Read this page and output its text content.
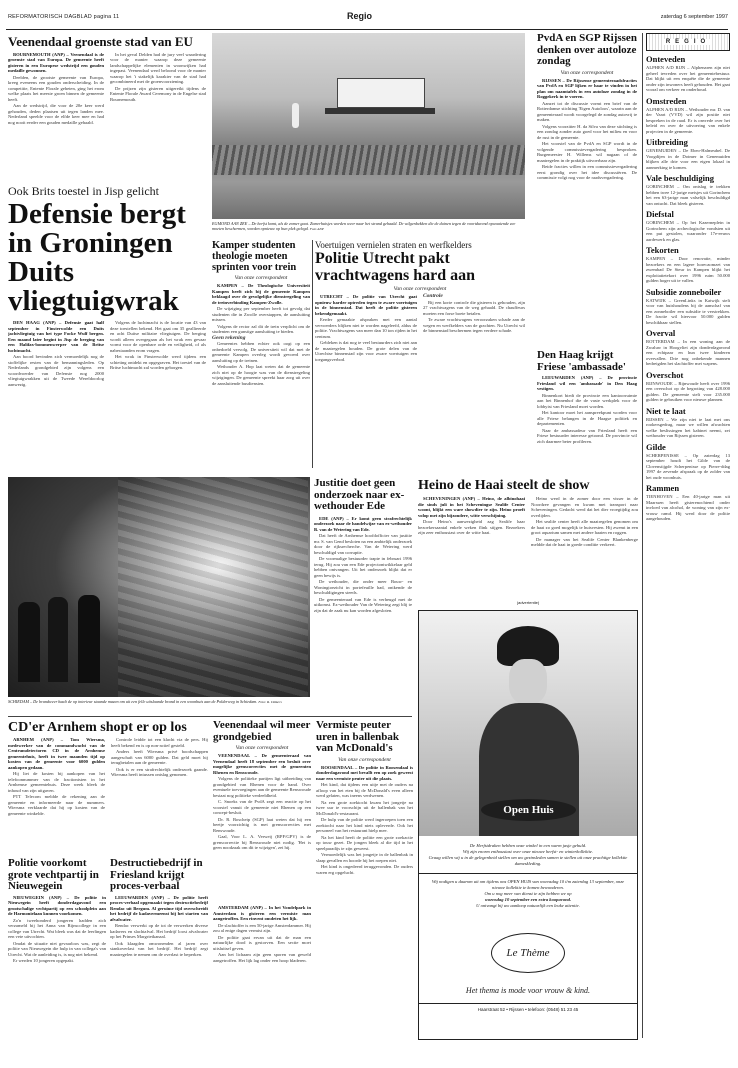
REFORMATORISCH DAGBLAD pagina 11	Regio	zaterdag 6 september 1997
Veenendaal groenste stad van EU

BOURNEMOUTH (ANP) – Veenendaal is de groenste stad van Europa. De gemeente heeft gisteren in een Europese wedstrijd een gouden medaille gewonnen.

Deelden, de grootste gemeente van Europa, kreeg eveneens een gouden onderscheiding. In de competitie, Entente Florale geheten, ging het erom welke plaats het meeste groen binnen de gemeente heeft.

Aan de wedstrijd, die voor de 20e keer werd gehouden, deden plaatsen uit tegen landen mee. Nederland speelde voor de elfde keer mee en had nog nooit eerder een gouden medaille gehaald.

In het geval Delden had de jury veel waardering voor de manier waarop deze gemeente landschappelijke elementen in woonwijken had ingepast. Veenendaal werd beloond voor de manier waarop het 't stakelijk karakter van de stad had gecombineerd met de groenvoorziening.

De prijzen zijn gisteren uitgereikt tijdens de Entente Florale Award Ceremony in de Engelse stad Bournemouth.

EGMOND AAN ZEE – De herfst komt, als de zomer gaat. Zomerhuisjes worden weer naar het strand gehaald. De wilgenbekken die de duinen tegen de voortdurend opwaaiende zee moeten beschermen, worden opnieuw op hun plek gelegd. Foto ANP
Ook Brits toestel in Jisp gelicht
Defensie bergt in Groningen Duits vliegtuigwrak

DEN HAAG (ANP) – Defensie gaat half september in Finsterwolde een Duits jachtvliegtuig van het type Focke Wulf bergen. Een maand later begint in Jisp de berging van een Halifax-bommenwerper van de Britse luchtmacht.

Aan boord bevinden zich vermoedelijk nog de stoffelijke resten van de bemanningsleden. Op Nederlands grondgebied zijn volgens een woordvoerder van Defensie nog 2000 vliegtuigwrakken uit de Tweede Wereldoorlog aanwezig.

Volgens de luchtmacht is de locatie van 43 van deze toestellen bekend. Het gaat om 35 geallieerde en acht Duitse militaire vliegtuigen. De berging wordt alleen overgegaan als het wrak een gevaar vormt voor de openbare orde en veiligheid, of als nabestaanden erom vragen.

Het wrak in Finsterwolde werd tijdens een schieting ontdekt en opgegraven. Het toestel van de Britse luchtmacht zal worden geborgen.

Kamper studenten theologie moeten sprinten voor trein
Van onze correspondent

KAMPEN – De Theologische Universiteit Kampen heeft zich bij de gemeente Kampen beklaagd over de gevolgelijke dienstregeling van de treinverbinding Kampen-Zwolle.

De wijziging per september heeft tot gevolg dat studenten die in Zwolle overstappen, de aansluiting missen.

Volgens de rector zal dit de trein verplicht om de studenten een gunstige aansluiting te bieden.

Geen rekening

Gemeentes hebben echter ook oogt op een onbedoeld vervolg. De universiteit wil dat met de gemeente Kampen overleg wordt gevoerd over aansluiting op de treinen.

Wethouder A. Hop laat weten dat de gemeente zich niet op de hoogte was van de dienstregeling wijzigingen. De gemeente spreekt haar zorg uit over de aansluitende busdiensten.

Voertuigen vernielen straten en werfkelders
Politie Utrecht pakt vrachtwagens hard aan
Van onze correspondent

UTRECHT – De politie van Utrecht gaat opnieuw harder optreden tegen te zware voertuigen in de binnenstad. Dat heeft de politie gisteren bekendgemaakt.

Eerder gemaakte afspraken met een aantal vervoerders blijken niet te worden nageleefd, aldus de politie. Vrachtwagens van meer dan 10 ton rijden in het centrum.

Gebleken is dat nog te veel bestuurders zich niet aan de maatregelen houden. De grote delen van de Utrechtse binnenstad zijn voor zware voertuigen een toegangsverbod.

Controle

Bij een korte controle die gisteren is gehouden, zijn 27 vrachtwagens van de weg gehaald. De chauffeurs moeten een forse boete betalen.

Te zware vrachtwagens veroorzaken schade aan de wegen en werfkelders van de grachten. Nu Utrecht wil de binnenstad beschermen tegen verdere schade.

PvdA en SGP Rijssen denken over autoloze zondag
Van onze correspondent

RIJSSEN – De Rijssense gemeenteraadsfracties van PvdA en SGP lijken er haar te vinden in het plan om naamtafels in een autoloze zondag in de Roggekerk in te voeren.

Aanzet tot de discussie vormt een brief van de Rotterdamse stichting 'Eigen Autoloos', waarin aan de gemeenteraad wordt voorgelegd de zondag autovrij te maken.

Volgens voorzitter H. da Silva van deze stichting is een zondag zonder auto goed voor het milieu en voor de rust in de gemeente.

Het voorstel van de PvdA en SGP wordt in de volgende commissievergadering besproken. Burgemeester H. Willems wil nagaan of de maatregelen in de praktijk uitvoerbaar zijn.

Beide fracties willen in een commissievergadering eerst grondig over het idee discussiëren. De commissie volgt nog voor de raadsvergadering.

Den Haag krijgt Friese 'ambassade'

LEEUWARDEN (ANP) – De provincie Friesland wil een 'ambassade' in Den Haag vestigen.

Binnenkort biedt de provincie een kantoorruimte aan het Binnenhof die de vaste werkplek voor de lobbyist van Friesland moet worden.

Het kantoor moet het aanspreekpunt worden voor alle Friese belangen in de Haagse politiek en departementen.

Naar de ambassadeur van Friesland heeft een Friese bestuurder interesse getoond. De provincie wil zich daarmee beter profileren.

SCHIEDAM – De brandweer haalt de op interieur staande mazen om uit een felle uitslaande brand in een woonhuis aan de Polderweg in Schiedam. Foto: R. Dikkers
Justitie doet geen onderzoek naar ex-wethouder Ede

EDE (ANP) – Er komt geen strafrechtelijk onderzoek naar de handelwijze van ex-wethouder B. van de Wetering van Ede.

Dat heeft de Arnhemse hoofdofficier van justitie mr. S. van Gend besloten na een ambtelijk onderzoek door de rijksrecherche. Van de Wetering werd beschuldigd van corruptie.

De voormalige bestuurder trapte in februari 1996 terug. Hij zou van een Ede projectontwikkelaar geld hebben ontvangen. Uit het onderzoek blijkt dat er geen bewijs is.

De wethouder, die onder meer Bouw- en Woningtoezicht in portefeuille had, ontkende de beschuldigingen steeds.

De gemeenteraad van Ede is verheugd met de uitkomst. Ex-wethouder Van de Wetering zegt blij te zijn dat de zaak nu kan worden afgesloten.

Heino de Haai steelt de show

SCHEVENINGEN (ANP) – Heino, de albinohaai die sinds juli in het Scheveningse Sealife Center woont, blijkt een ware showdier te zijn. Heino proeft volop met zijn bijzondere, witte verschijning.

Door Heino's aanwezigheid zag Sealife haar bezoekersaantal enkele weken flink stijgen. Bezoekers zijn zeer enthousiast over de witte haai.

Heino werd in de zomer door een visser in de Noordzee gevangen en kwam met transport naar Scheveningen. Gedacht werd dat het dier vroegtijdig zou overlijden.

Het sealife center heeft alle maatregelen genomen om de haai zo goed mogelijk te huisvesten. Hij zwemt in een groot aquarium samen met andere haaien en roggen.

De manager van het Sealife Center Blankenberge meldde dat de haai in goede conditie verkeert.

(advertentie)
Open Huis
De Herfstdraken hebben onze winkel in een warm jasje gehuld.
Wij zijn enorm enthousiast over onze nieuwe herfst- en winterkollektie.
Graag willen wij u in de gelegenheid stellen om uw gezinsleden samen te stellen uit onze prachtige kollektie dameskleding.
Wij nodigen u daarom uit om tijdens ons OPEN HUIS van woensdag 10 t/m zaterdag 13 september, onze nieuwe kollektie te komen bewonderen.
Om u nog meer van dienst te zijn hebben we op
woensdag 10 september een extra koopavond.
U ontvangt bij uw aankoop natuurlijk een leuke attentie.
Le Thème
Het thema is mode voor vrouw & kind.
Haarstraat 52 • Rijssen • telefoon: (0548) 51 23 45
CD'er Arnhem shopt er op los

ARNHEM (ANP) – Tom Wiersma, medewerker van de commandwacht van de Centrumdetectoren CD in de Arnhemse gemeentehuis, heeft in twee maanden tijd op kosten van de gemeente voor 6000 gulden aankopen gedaan.

Hij liet de kosten bij aankopen van het telefoonnummer van de fractionisten in het Arnhemse gemeentehuis. Deze week bleek de inhoud van zijn uitgaven.

PTT Telecom meldde de rekening aan de gemeente en informeerde naar de nummers. Wiersma verklaarde dat hij op kosten van de gemeente winkelde.

Controle leidde tot een klacht via de pers. Hij heeft bekend en is op non-actief gesteld.

Anders heeft Wiersma privé boodschappen aangeschaft van 6000 gulden. Dat geld moet hij terugbetalen aan de gemeente.

Ook is er een strafrechtelijk onderzoek gaande. Wiersma heeft intussen ontslag genomen.

Politie voorkomt grote vechtpartij in Nieuwegein

NIEUWEGEIN (ANP) – De politie in Nieuwegein heeft donderdagavond een grootschalige vechtpartij op een schoolplein aan de Harmonielaan kunnen voorkomen.

Zo'n tweehonderd jongeren hadden zich verzameld bij het Anna van Rijnscollege in een college van Utrecht. Wat bleek was dat de leerlingen een vete uitvochten.

Omdat de situatie niet gevaarloos was, zegt de politie van Nieuwegein die hulp in van collega's van Utrecht. Wat de aanleiding is, is nog niet bekend.

Er werden 10 jongeren opgepakt.

Destructiebedrijf in Friesland krijgt proces-verbaal

LEEUWARDEN (ANP) – De politie heeft proces-verbaal opgemaakt tegen destructiebedrijf Rendac uit Bergum. Al geruime tijd overschreidt het bedrijf de kadavermeenst bij het starten van afvalwater.

Rendac verwerkt op de tot de verwerken diverse kadavers en slachtafval. Het bedrijf loost afvalwater op het Prinses Margrietkanaal.

Ook klaagden omwonenden al jaren over stankoverlast van het bedrijf. Het bedrijf zegt maatregelen te nemen om de overlast te beperken.

Veenendaal wil meer grondgebied
Van onze correspondent

VEENENDAAL – De gemeenteraad van Veenendaal heeft 18 september een besluit over mogelijke grenscorrecties met de gemeenten Rhenen en Renswoude.

Volgens de politieke partijen ligt uitbreiding van grondgebied van Rhenen voor de hand. Over eventuele toevoegingen aan de gemeente Renswoude bestaat nog politieke verdeeldheid.

C. Snoeks van de PvdA zegt een reactie op het voorstel vanuit de gemeente niet Rhenen op een concept-besluit.

Dr. R. Boscheip (SGP) laat weten dat hij een beetje voorzichtig is met grenscorrecties met Renswoude.

Gaal, Voor L. A. Verweij (RPF/GPV) is de grenscorrectie bij Renswoude niet nodig. 'Het is geen noodzaak om dit te wijzigen', zei hij.

AMSTERDAM (ANP) – In het Vondelpark in Amsterdam is gisteren een vermiste man aangetroffen. Een rinvent omdeten het lijk.

De slachtoffer is een 50-jarige Amsterdammer. Hij zou al enige dagen vermist zijn.

De politie gaat ervan uit dat de man een natuurlijke dood is gestorven. Een sectie moet uitsluitsel geven.

Aan het lichaam zijn geen sporen van geweld aangetroffen. Het lijk lag onder een hoop bladeren.

Vermiste peuter uren in ballenbak van McDonald's
Van onze correspondent

ROOSENDAAL – De politie in Roosendaal is donderdagavond met bevallt een op zoek geweest naar een vermiste peuter uit die plaats.

Het kind, dat tijdens een uitje met de ouders na afloop van het eten bij de McDonald's even alleen werd gelaten, was ineens verdwenen.

Na een grote zoektocht kwam het jongetje na twee uur te voorschijn uit de ballenbak van het McDonald's-restaurant.

De hulp van de politie werd ingeroepen toen een zoektocht naar het kind niets opleverde. Ook het personeel van het restaurant hielp mee.

Na het kind heeft de politie een grote zoekactie op touw gezet. De jongen bleek al die tijd in het speelparadijs te zijn geweest.

Vermoedelijk was het jongetje in de ballenbak in slaap gevallen en hoorde hij het roepen niet.

Het kind is ongedeerd teruggevonden. De ouders waren erg opgelucht.

REGIO
Onteveden
ALPHEN A/D RIJN – Alphenaren zijn niet geheel tevreden over het gemeentebestuur. Dat blijkt uit een enquête die de gemeente onder zijn inwoners heeft gehouden. Het gaat vooral om verkeer en onderhoud.
Omstreden
ALPHEN A/D RIJN – Wethouder mr. D. van der Vaart (VVD) wil zijn positie niet bespreken in de raad. Er is onvrede over het beleid en over de uitvoering van enkele projecten in de gemeente.
Uitbreiding
GENEMUIDEN – De Ebeo-Halmeubel. De Voogdijen in de Dotmer in Genemuiden blijken alle drie voor een eigen lokaal in aanmerking te komen.
Vale beschuldiging
GORINCHEM – Om ontslag te trekken hebben twee 12-jarige meisjes uit Gorinchem het een 63-jarige man valselijk beschuldigd van ontucht. Dat bleek gisteren.
Diefstal
GORINCHEM – Op het Kazerneplein in Gorinchem zijn archeologische vondsten uit een put gestolen, waaronder 17e-eeuws aardewerk en glas.
Tekorten
KAMPEN – Door renovatie, minder bezoekers en een lagere horecaomzet van zwembad De Steur in Kampen blijkt het exploitatietekort over 1996 ruim 50.000 gulden hoger uit te vallen.
Subsidie zonneboiler
KATWIJK – GreenLinks in Katwijk stelt voor van huishoudens bij de aanschaf van een zonneboiler een subsidie te verstrekken. De fractie wil hiervoor 50.000 gulden beschikbaar stellen.
Overval
ROTTERDAM – In een woning aan de Zwaluw in Hoogvliet zijn donderdagavond een echtpaar en hun twee kinderen overvallen. Drie nog onbekende mannen bedreigden het slachtoffer met wapens.
Overschot
RIJNWOUDE – Rijnwoude heeft over 1996 een overschot op de begroting van 428.000 gulden. De gemeente stelt voor 235.000 gulden te gebruiken voor nieuwe plannen.
Niet te laat
RIJSSEN – We zijn niet te laat met ons rookersgedrag, maar we willen afwachten welke beslissingen het kabinet neemt, zei wethouder van Rijssen gisteren.
Gilde
SCHERPENISSE – Op zaterdag 13 september houdt het Gilde van de Clovenstijgde Scherpenisse op Pierre-ddag 1997 de zevende afspraak op de zolder van het oude woonhuis.
Rammen
TIENHOVEN – Een 40-jarige man uit Maarssen heeft gisterenochtend onder invloed van alcohol, de woning van zijn ex-vrouw ramd. Hij werd door de politie aangehouden.
